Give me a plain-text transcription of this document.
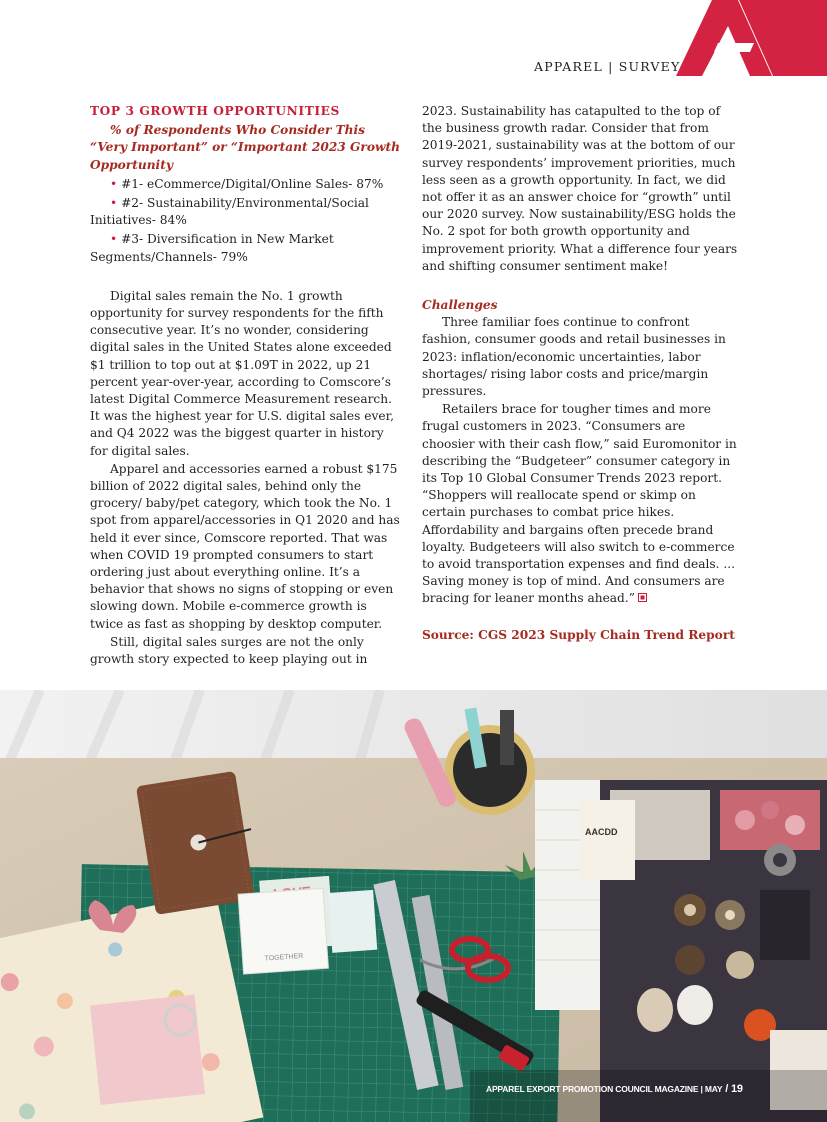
APPAREL | SURVEY
TOP 3 GROWTH OPPORTUNITIES
% of Respondents Who Consider This “Very Important” or “Important 2023 Growth Opportunity
• #1- eCommerce/Digital/Online Sales- 87%
• #2- Sustainability/Environmental/Social Initiatives- 84%
• #3- Diversification in New Market Segments/Channels- 79%

Digital sales remain the No. 1 growth opportunity for survey respondents for the fifth consecutive year. It’s no wonder, considering digital sales in the United States alone exceeded $1 trillion to top out at $1.09T in 2022, up 21 percent year-over-year, according to Comscore’s latest Digital Commerce Measurement research. It was the highest year for U.S. digital sales ever, and Q4 2022 was the biggest quarter in history for digital sales.

Apparel and accessories earned a robust $175 billion of 2022 digital sales, behind only the grocery/ baby/pet category, which took the No. 1 spot from apparel/accessories in Q1 2020 and has held it ever since, Comscore reported. That was when COVID 19 prompted consumers to start ordering just about everything online. It’s a behavior that shows no signs of stopping or even slowing down. Mobile e-commerce growth is twice as fast as shopping by desktop computer.

Still, digital sales surges are not the only growth story expected to keep playing out in

2023. Sustainability has catapulted to the top of the business growth radar. Consider that from 2019-2021, sustainability was at the bottom of our survey respondents’ improvement priorities, much less seen as a growth opportunity. In fact, we did not offer it as an answer choice for “growth” until our 2020 survey. Now sustainability/ESG holds the No. 2 spot for both growth opportunity and improvement priority. What a difference four years and shifting consumer sentiment make!

Challenges

Three familiar foes continue to confront fashion, consumer goods and retail businesses in 2023: inflation/economic uncertainties, labor shortages/ rising labor costs and price/margin pressures.

Retailers brace for tougher times and more frugal customers in 2023. “Consumers are choosier with their cash flow,” said Euromonitor in describing the “Budgeteer” consumer category in its Top 10 Global Consumer Trends 2023 report. “Shoppers will reallocate spend or skimp on certain purchases to combat price hikes. Affordability and bargains often precede brand loyalty. Budgeteers will also switch to e-commerce to avoid transportation expenses and find deals. ... Saving money is top of mind. And consumers are bracing for leaner months ahead.”

Source: CGS 2023 Supply Chain Trend Report
TOGETHER
AACDD
APPAREL EXPORT PROMOTION COUNCIL MAGAZINE | MAY / 19
